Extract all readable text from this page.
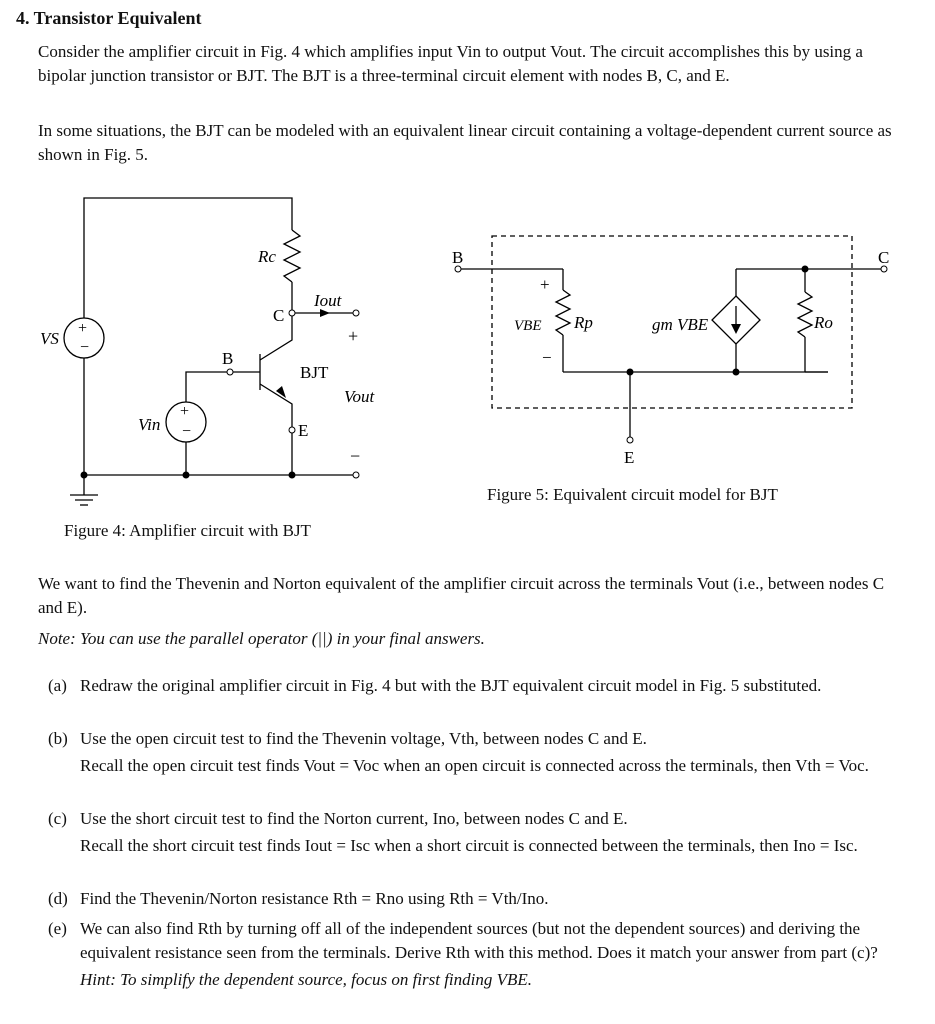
4. Transistor Equivalent
Consider the amplifier circuit in Fig. 4 which amplifies input Vin to output Vout. The circuit accomplishes this by using a bipolar junction transistor or BJT. The BJT is a three-terminal circuit element with nodes B, C, and E.
In some situations, the BJT can be modeled with an equivalent linear circuit containing a voltage-dependent current source as shown in Fig. 5.
+
−
+
−
VS
Vin
Rc
C
B
E
Iout
BJT
+
Vout
−
Figure 4: Amplifier circuit with BJT
B	C
E
+
−
VBE Rp	gm VBE	Ro
Figure 5: Equivalent circuit model for BJT
We want to find the Thevenin and Norton equivalent of the amplifier circuit across the terminals Vout (i.e., between nodes C and E).
Note: You can use the parallel operator (||) in your final answers.
(a) Redraw the original amplifier circuit in Fig. 4 but with the BJT equivalent circuit model in Fig. 5 substituted.
(b) Use the open circuit test to find the Thevenin voltage, Vth, between nodes C and E.
Recall the open circuit test finds Vout = Voc when an open circuit is connected across the terminals, then Vth = Voc.
(c) Use the short circuit test to find the Norton current, Ino, between nodes C and E.
Recall the short circuit test finds Iout = Isc when a short circuit is connected between the terminals, then Ino = Isc.
(d) Find the Thevenin/Norton resistance Rth = Rno using Rth = Vth/Ino.
(e) We can also find Rth by turning off all of the independent sources (but not the dependent sources) and deriving the equivalent resistance seen from the terminals. Derive Rth with this method. Does it match your answer from part (c)?
Hint: To simplify the dependent source, focus on first finding VBE.
